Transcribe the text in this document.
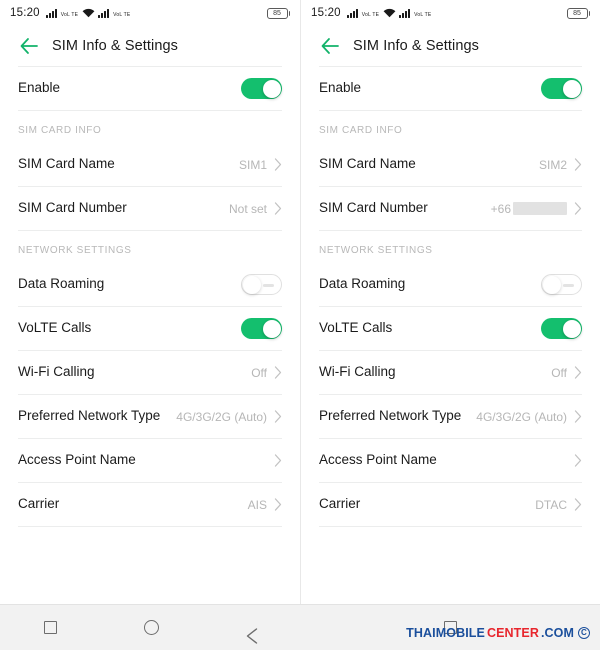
15:20	VoL TE	VoL TE	85
SIM Info & Settings
Enable
SIM CARD INFO
SIM Card Name	SIM1
SIM Card Number	Not set
NETWORK SETTINGS
Data Roaming
VoLTE Calls
Wi-Fi Calling	Off
Preferred Network Type	4G/3G/2G (Auto)
Access Point Name
Carrier	AIS
15:20	VoL TE	VoL TE	85
SIM Info & Settings
Enable
SIM CARD INFO
SIM Card Name	SIM2
SIM Card Number	+66
NETWORK SETTINGS
Data Roaming
VoLTE Calls
Wi-Fi Calling	Off
Preferred Network Type	4G/3G/2G (Auto)
Access Point Name
Carrier	DTAC
THAIMOBILE CENTER .COM C
